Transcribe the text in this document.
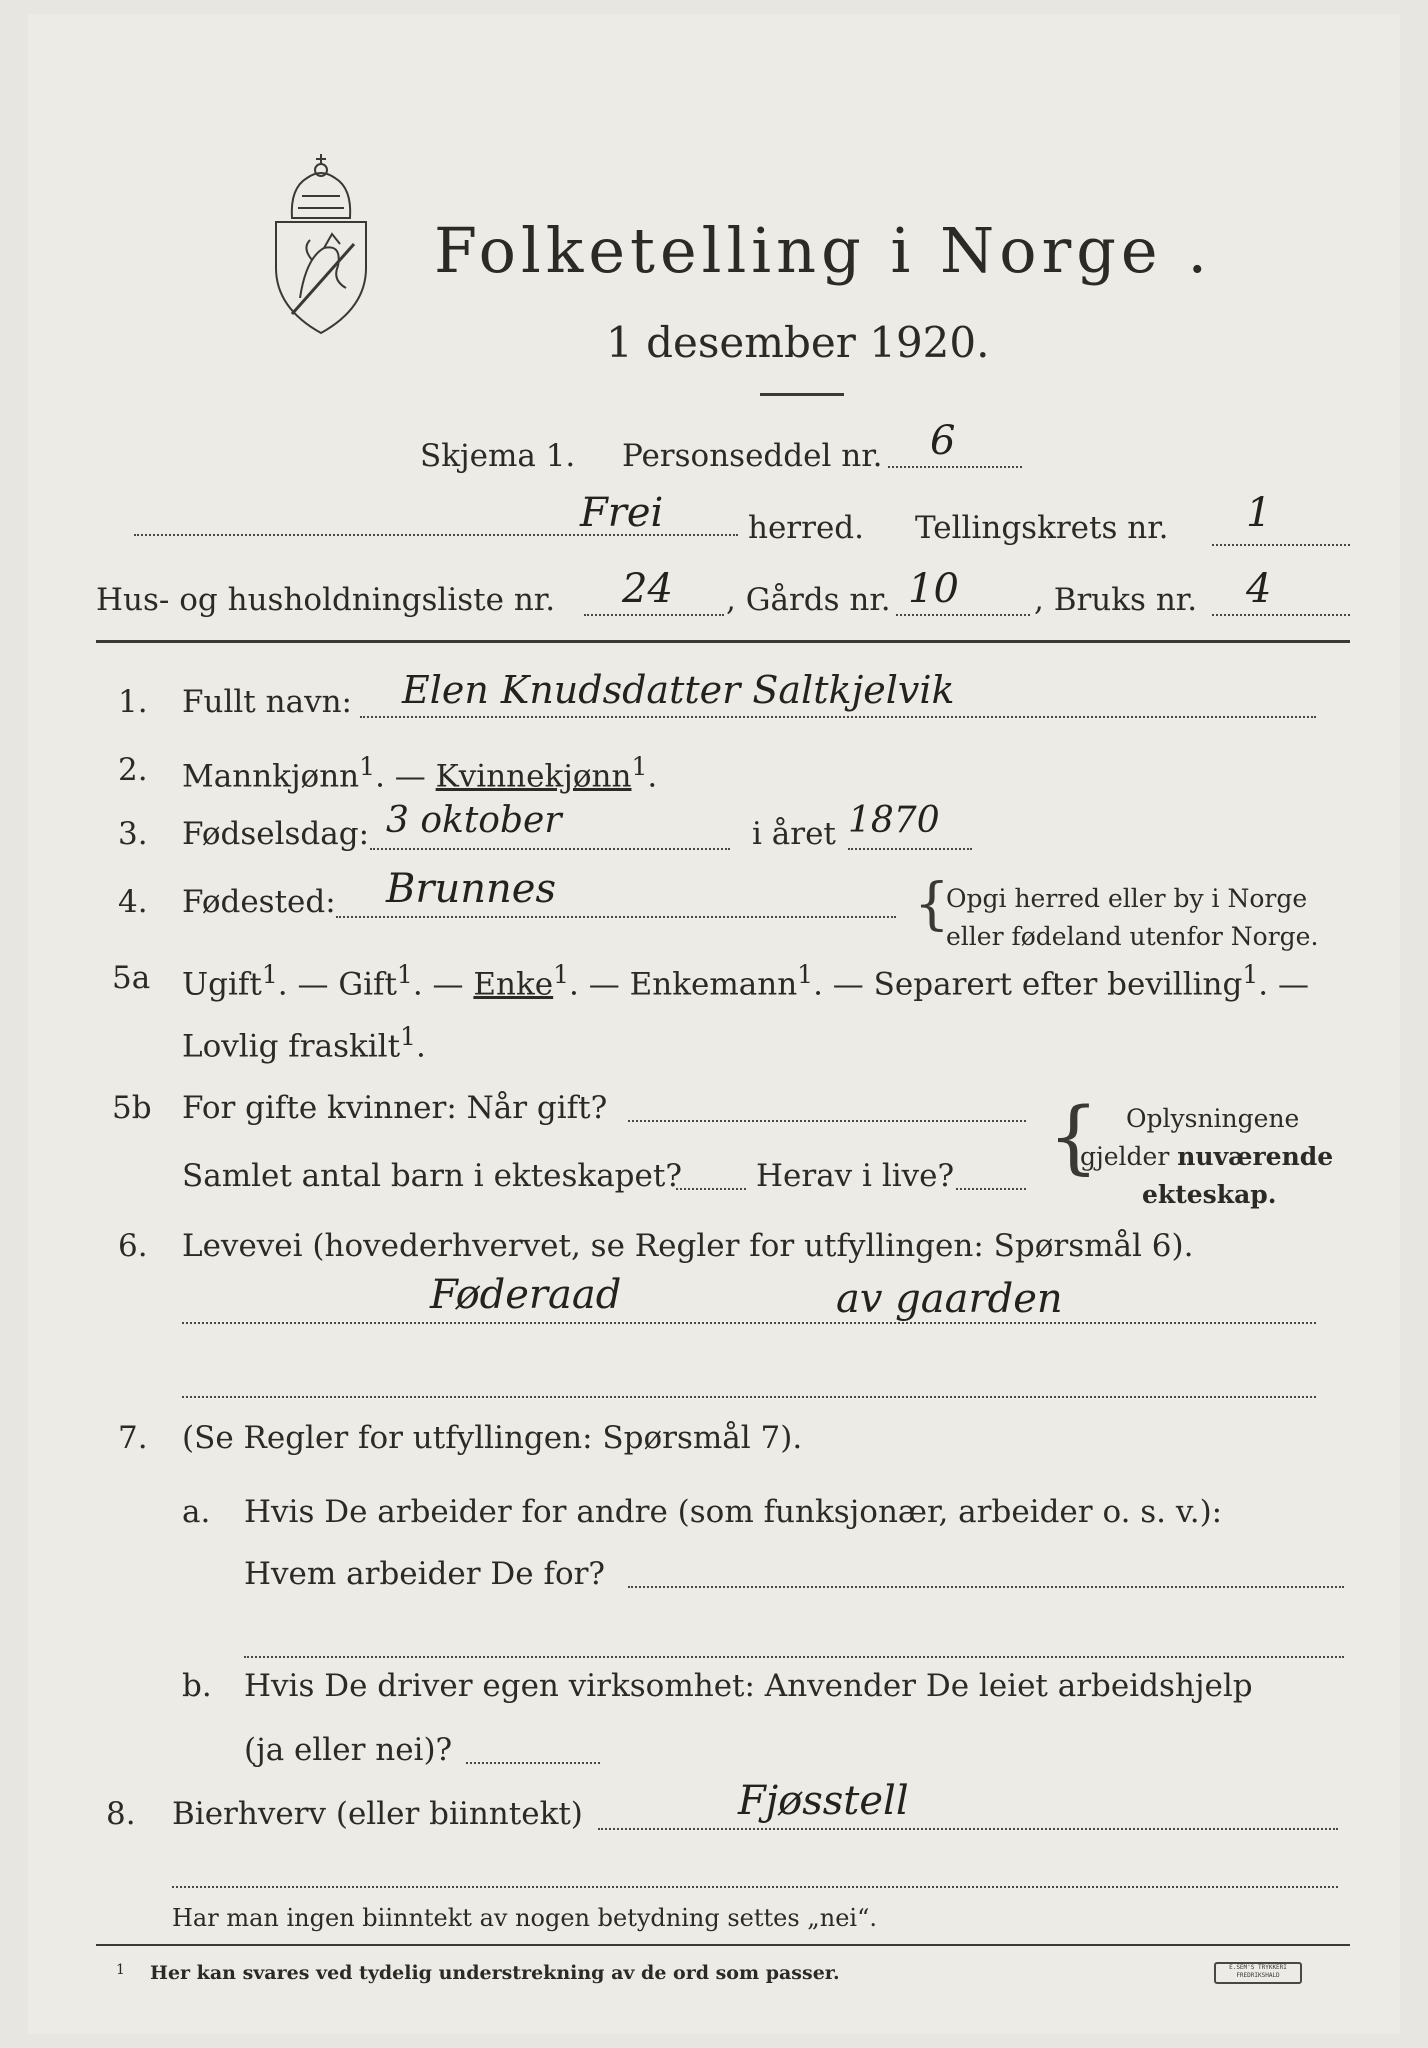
Folketelling i Norge .
1 desember 1920.
Skjema 1. Personseddel nr. 6
Frei	herred. Tellingskrets nr. 1
Hus- og husholdningsliste nr. 24 , Gårds nr. 10 , Bruks nr. 4
1. Fullt navn: Elen Knudsdatter Saltkjelvik
2. Mannkjønn$^1$. — Kvinnekjønn$^1$.
3. Fødselsdag: 3 oktober	i året 1870
4. Fødested: Brunnes	{
Opgi herred eller by i Norge
eller fødeland utenfor Norge.
5a Ugift$^1$. — Gift$^1$. — Enke$^1$. — Enkemann$^1$. — Separert efter bevilling$^1$. —
Lovlig fraskilt$^1$.
5b For gifte kvinner: Når gift?
Samlet antal barn i ekteskapet? Herav i live? { Oplysningene
gjelder nuværende
ekteskap.
6. Levevei (hovederhvervet, se Regler for utfyllingen: Spørsmål 6).
Føderaad	av gaarden
7. (Se Regler for utfyllingen: Spørsmål 7).
a. Hvis De arbeider for andre (som funksjonær, arbeider o. s. v.):
Hvem arbeider De for?
b. Hvis De driver egen virksomhet: Anvender De leiet arbeidshjelp
(ja eller nei)?
8. Bierhverv (eller biinntekt)	Fjøsstell
Har man ingen biinntekt av nogen betydning settes „nei“.
1 Her kan svares ved tydelig understrekning av de ord som passer.	E.SEM'S TRYKKERI
FREDRIKSHALD
